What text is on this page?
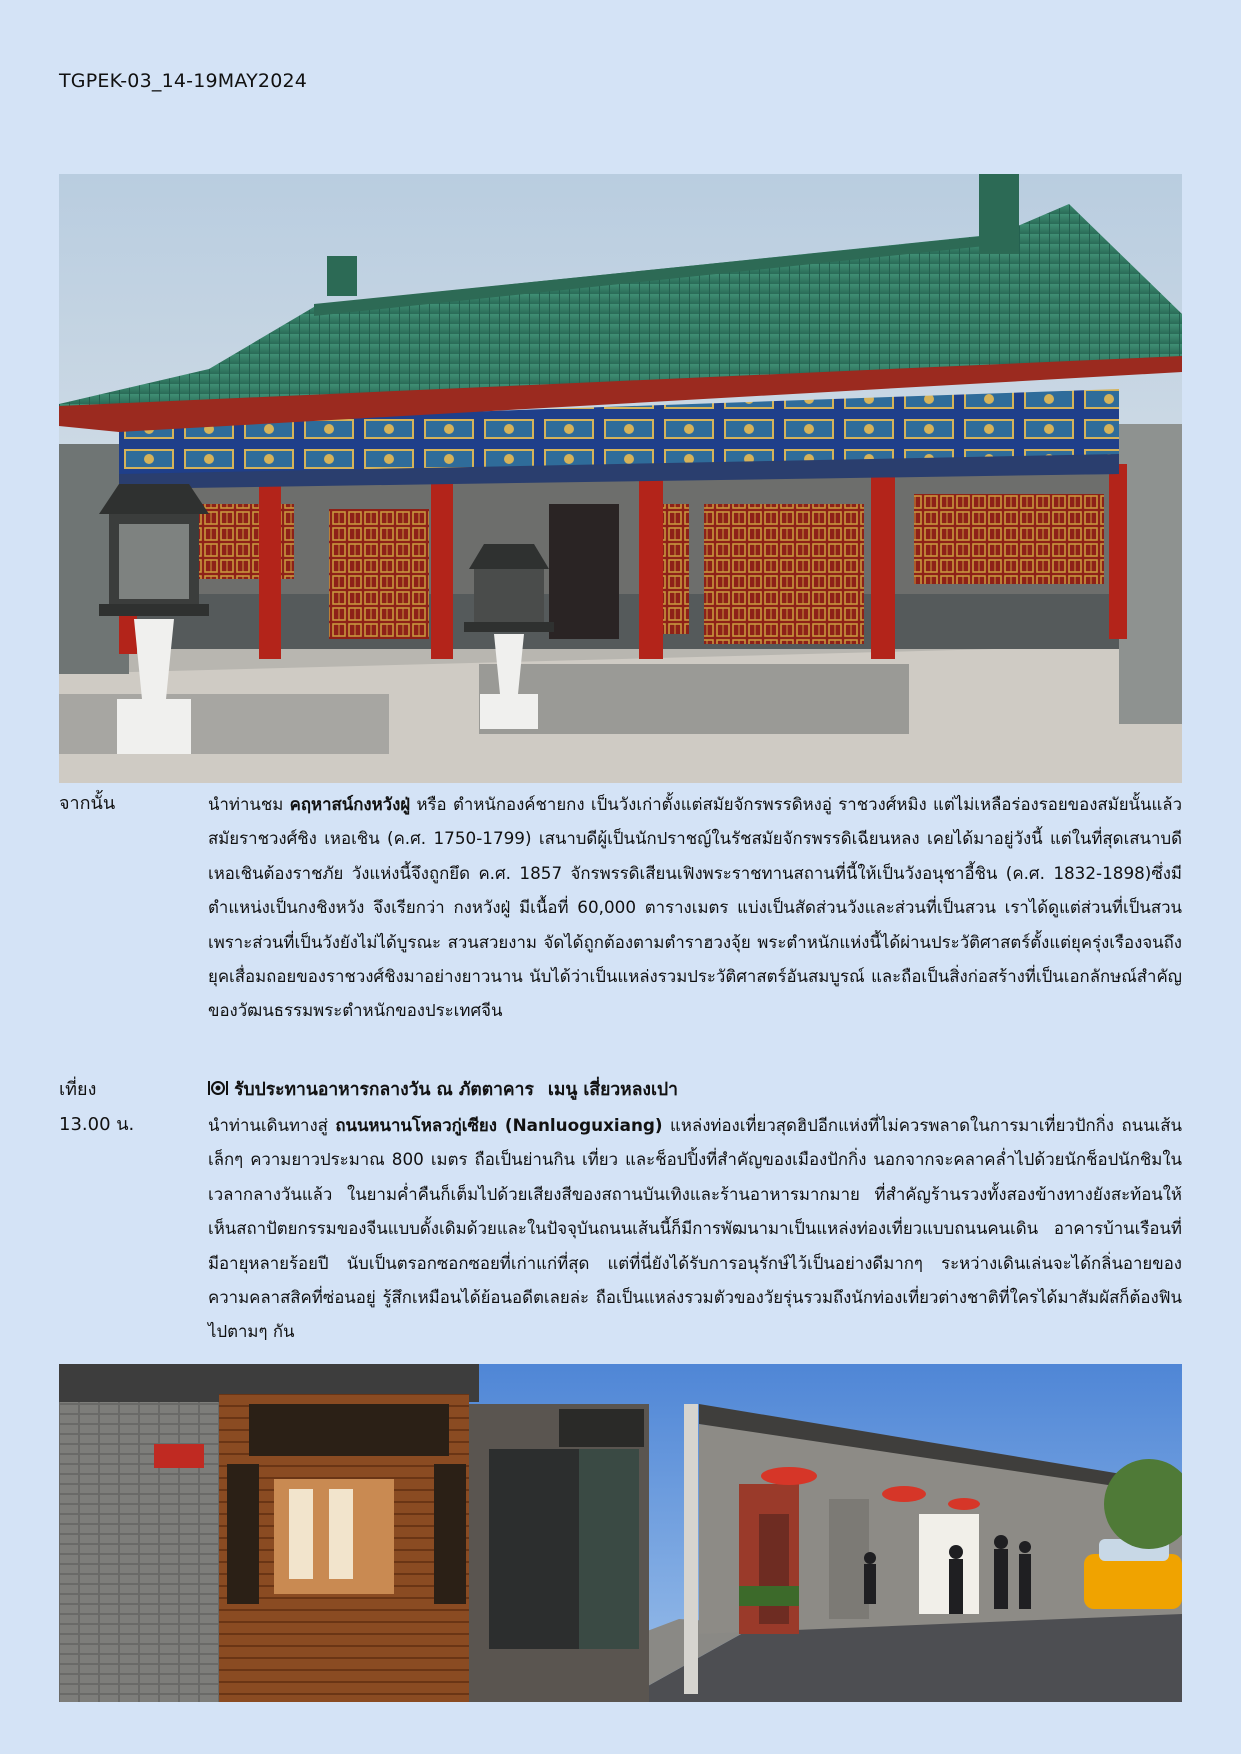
TGPEK-03_14-19MAY2024
จากนั้น	นำท่านชม คฤหาสน์กงหวังฝู่ หรือ ตำหนักองค์ชายกง เป็นวังเก่าตั้งแต่สมัยจักรพรรดิหงอู่ ราชวงศ์หมิง แต่ไม่เหลือร่องรอยของสมัยนั้นแล้วสมัยราชวงศ์ชิง เหอเชิน (ค.ศ. 1750-1799) เสนาบดีผู้เป็นนักปราชญ์ในรัชสมัยจักรพรรดิเฉียนหลง เคยได้มาอยู่วังนี้ แต่ในที่สุดเสนาบดีเหอเชินต้องราชภัย วังแห่งนี้จึงถูกยึด ค.ศ. 1857 จักรพรรดิเสียนเฟิงพระราชทานสถานที่นี้ให้เป็นวังอนุชาอี้ชิน (ค.ศ. 1832-1898)ซึ่งมีตำแหน่งเป็นกงชิงหวัง จึงเรียกว่า กงหวังฝู่ มีเนื้อที่ 60,000 ตารางเมตร แบ่งเป็นสัดส่วนวังและส่วนที่เป็นสวน เราได้ดูแต่ส่วนที่เป็นสวน เพราะส่วนที่เป็นวังยังไม่ได้บูรณะ สวนสวยงาม จัดได้ถูกต้องตามตำราฮวงจุ้ย พระตำหนักแห่งนี้ได้ผ่านประวัติศาสตร์ตั้งแต่ยุครุ่งเรืองจนถึงยุคเสื่อมถอยของราชวงศ์ชิงมาอย่างยาวนาน นับได้ว่าเป็นแหล่งรวมประวัติศาสตร์อันสมบูรณ์ และถือเป็นสิ่งก่อสร้างที่เป็นเอกลักษณ์สำคัญของวัฒนธรรมพระตำหนักของประเทศจีน
เที่ยง	รับประทานอาหารกลางวัน ณ ภัตตาคาร เมนู เสี่ยวหลงเปา
13.00 น.	นำท่านเดินทางสู่ ถนนหนานโหลวกู่เซียง (Nanluoguxiang) แหล่งท่องเที่ยวสุดฮิปอีกแห่งที่ไม่ควรพลาดในการมาเที่ยวปักกิ่ง ถนนเส้นเล็กๆ ความยาวประมาณ 800 เมตร ถือเป็นย่านกิน เที่ยว และช็อปปิ้งที่สำคัญของเมืองปักกิ่ง นอกจากจะคลาคล่ำไปด้วยนักช็อปนักชิมในเวลากลางวันแล้ว ในยามค่ำคืนก็เต็มไปด้วยเสียงสีของสถานบันเทิงและร้านอาหารมากมาย ที่สำคัญร้านรวงทั้งสองข้างทางยังสะท้อนให้เห็นสถาปัตยกรรมของจีนแบบดั้งเดิมด้วยและในปัจจุบันถนนเส้นนี้ก็มีการพัฒนามาเป็นแหล่งท่องเที่ยวแบบถนนคนเดิน อาคารบ้านเรือนที่มีอายุหลายร้อยปี นับเป็นตรอกซอกซอยที่เก่าแก่ที่สุด แต่ที่นี่ยังได้รับการอนุรักษ์ไว้เป็นอย่างดีมากๆ ระหว่างเดินเล่นจะได้กลิ่นอายของความคลาสสิคที่ซ่อนอยู่ รู้สึกเหมือนได้ย้อนอดีตเลยล่ะ ถือเป็นแหล่งรวมตัวของวัยรุ่นรวมถึงนักท่องเที่ยวต่างชาติที่ใครได้มาสัมผัสก็ต้องฟินไปตามๆ กัน
